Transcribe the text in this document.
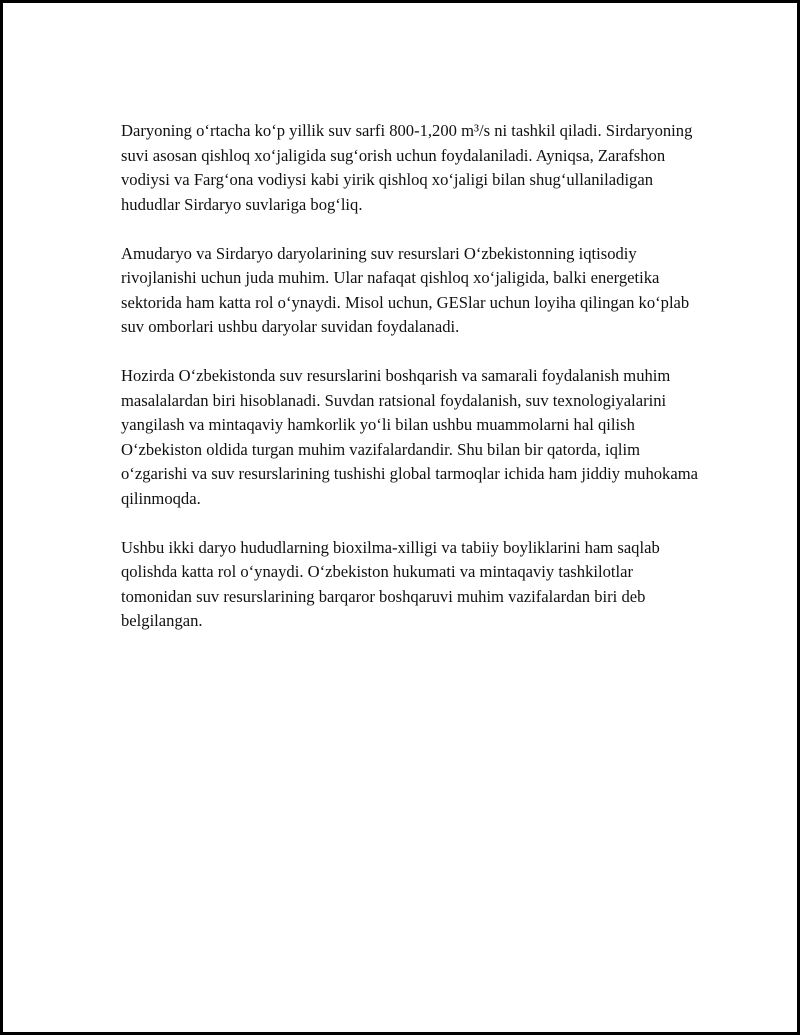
Daryoning o‘rtacha ko‘p yillik suv sarfi 800-1,200 m³/s ni tashkil qiladi. Sirdaryoning suvi asosan qishloq xo‘jaligida sug‘orish uchun foydalaniladi. Ayniqsa, Zarafshon vodiysi va Farg‘ona vodiysi kabi yirik qishloq xo‘jaligi bilan shug‘ullaniladigan hududlar Sirdaryo suvlariga bog‘liq.

Amudaryo va Sirdaryo daryolarining suv resurslari O‘zbekistonning iqtisodiy rivojlanishi uchun juda muhim. Ular nafaqat qishloq xo‘jaligida, balki energetika sektorida ham katta rol o‘ynaydi. Misol uchun, GESlar uchun loyiha qilingan ko‘plab suv omborlari ushbu daryolar suvidan foydalanadi.

Hozirda O‘zbekistonda suv resurslarini boshqarish va samarali foydalanish muhim masalalardan biri hisoblanadi. Suvdan ratsional foydalanish, suv texnologiyalarini yangilash va mintaqaviy hamkorlik yo‘li bilan ushbu muammolarni hal qilish O‘zbekiston oldida turgan muhim vazifalardandir. Shu bilan bir qatorda, iqlim o‘zgarishi va suv resurslarining tushishi global tarmoqlar ichida ham jiddiy muhokama qilinmoqda.

Ushbu ikki daryo hududlarning bioxilma-xilligi va tabiiy boyliklarini ham saqlab qolishda katta rol o‘ynaydi. O‘zbekiston hukumati va mintaqaviy tashkilotlar tomonidan suv resurslarining barqaror boshqaruvi muhim vazifalardan biri deb belgilangan.
